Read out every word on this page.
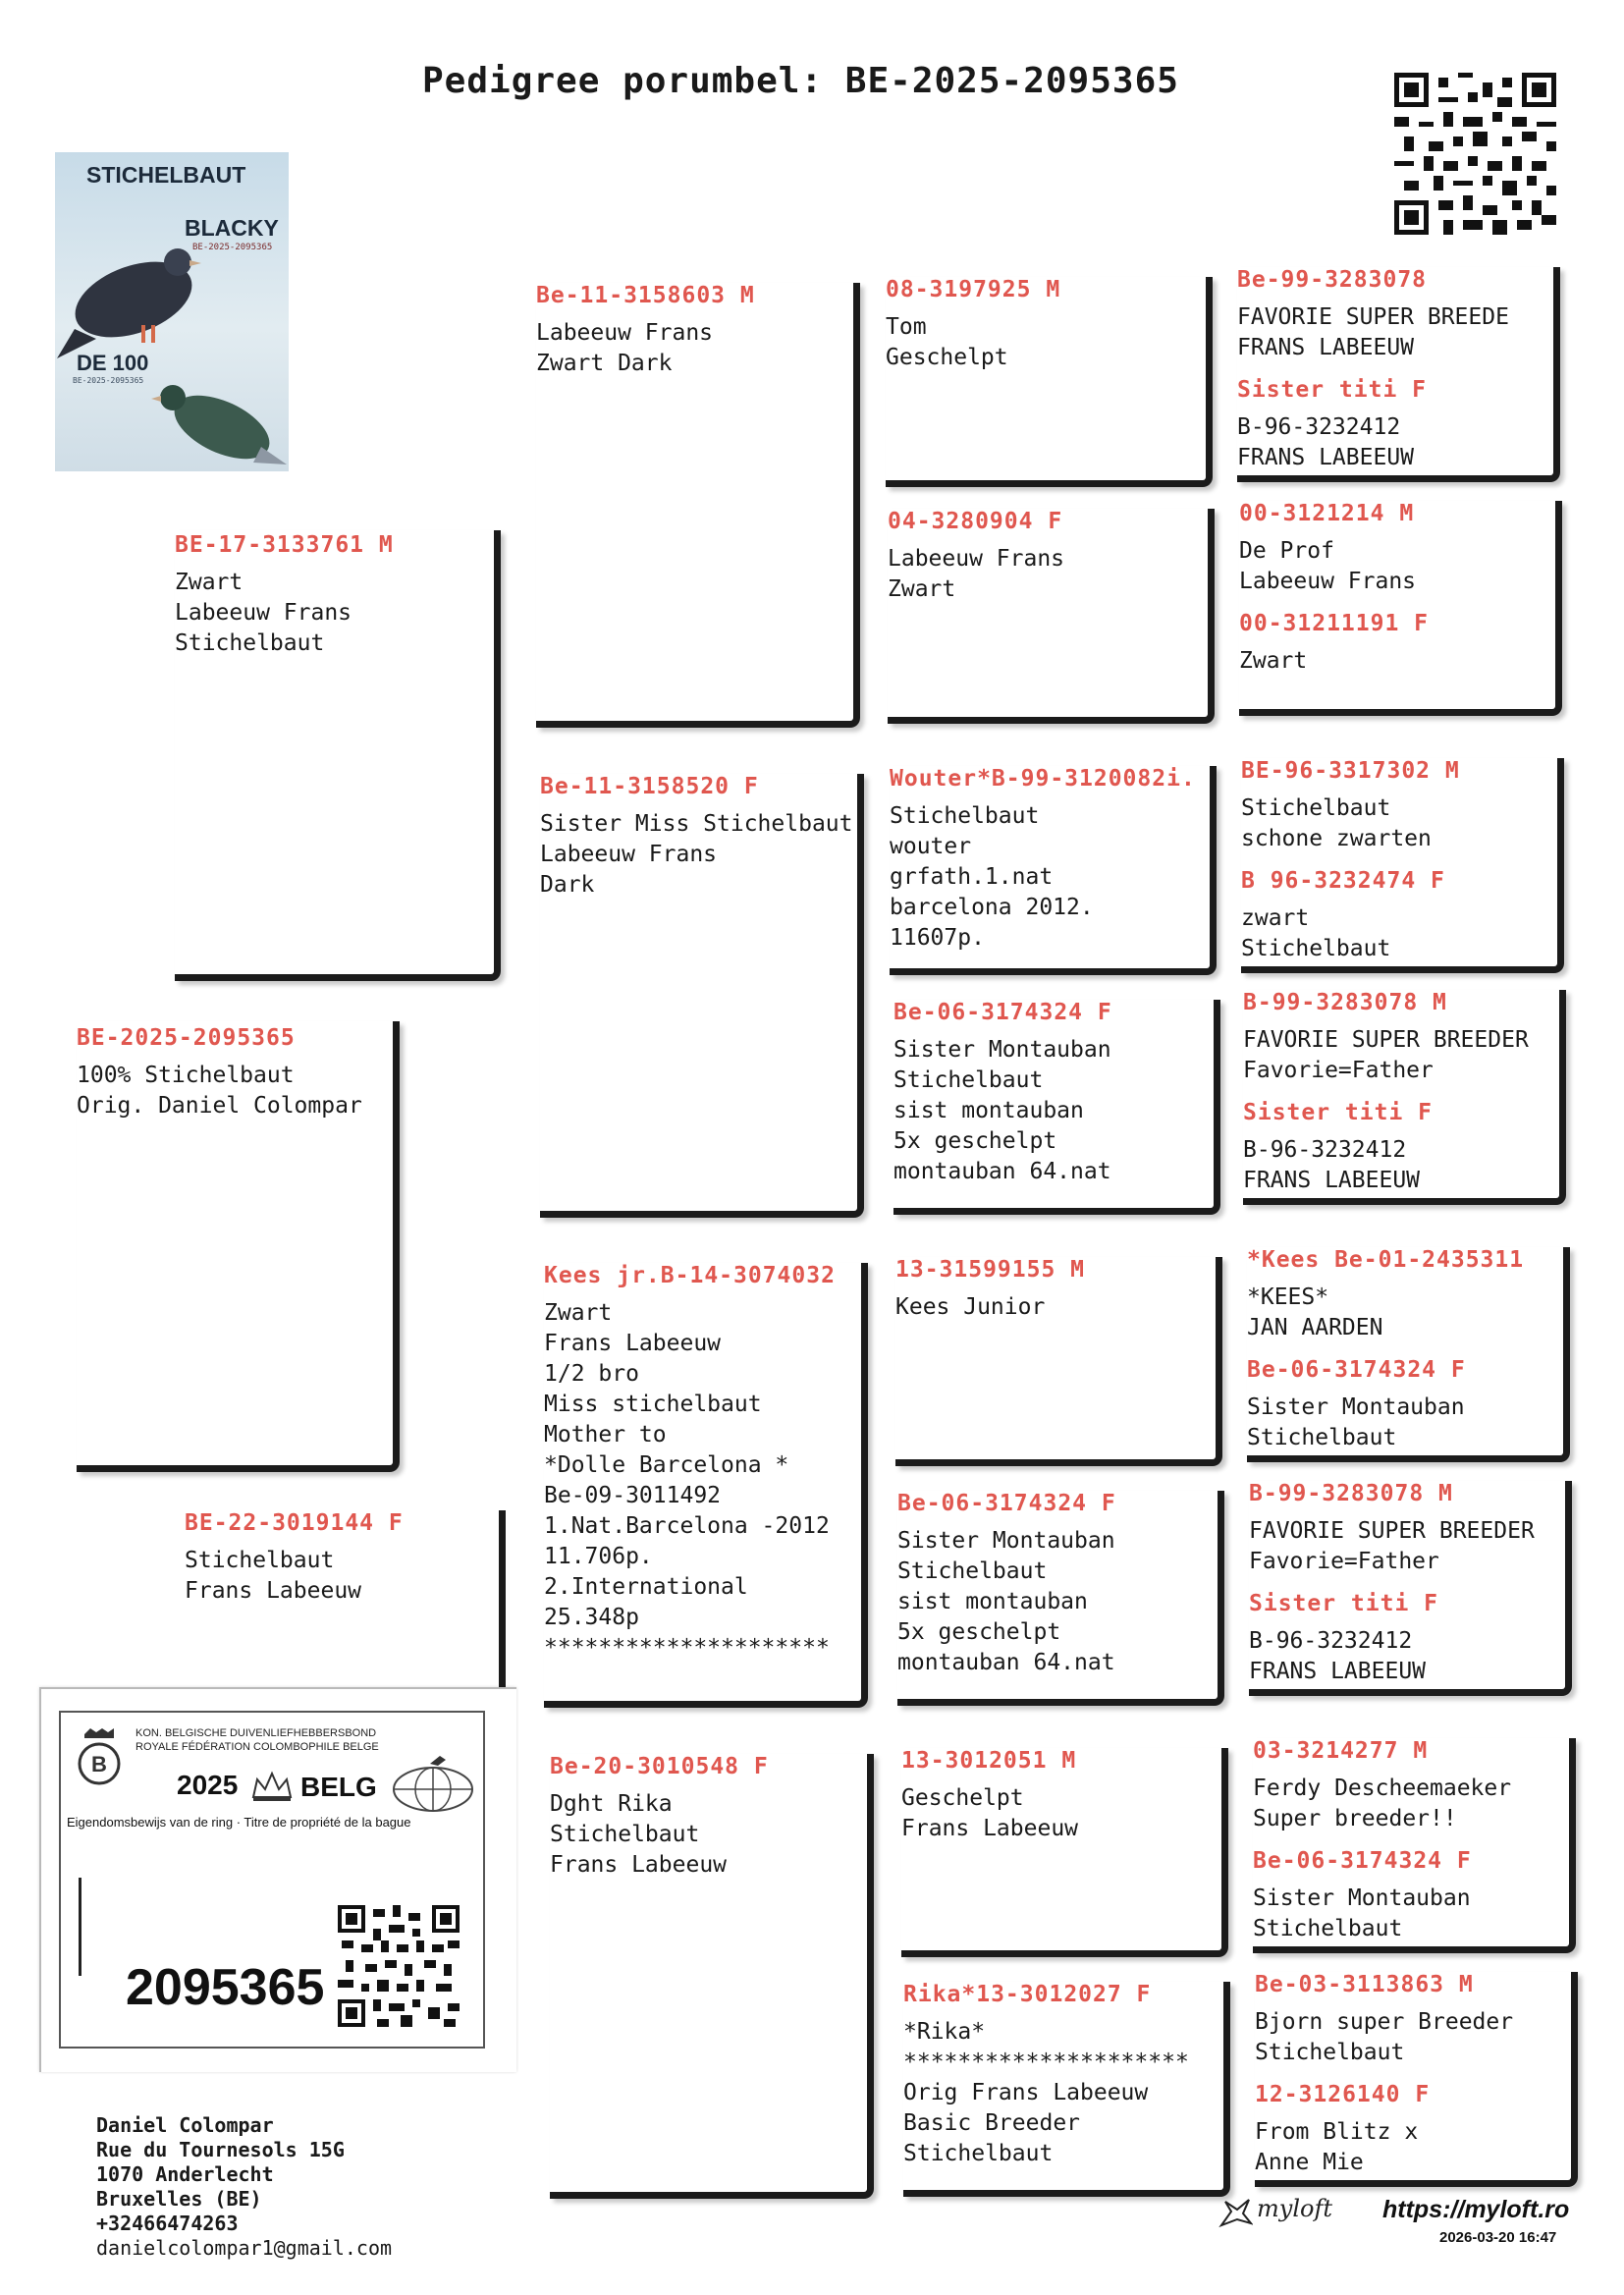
Pedigree porumbel: BE-2025-2095365
STICHELBAUT
BLACKY
BE-2025-2095365
DE 100
BE-2025-2095365
BE-2025-2095365
100% Stichelbaut
Orig. Daniel Colompar
BE-17-3133761 M
Zwart
Labeeuw Frans
Stichelbaut
BE-22-3019144 F
Stichelbaut
Frans Labeeuw
Be-11-3158603 M
Labeeuw Frans
Zwart Dark
Be-11-3158520 F
Sister Miss Stichelbaut
Labeeuw Frans
Dark
Kees jr.B-14-3074032
Zwart
Frans Labeeuw
1/2 bro
Miss stichelbaut
Mother to
*Dolle Barcelona *
Be-09-3011492
1.Nat.Barcelona -2012
11.706p.
2.International
25.348p
*********************
Be-20-3010548 F
Dght Rika
Stichelbaut
Frans Labeeuw
08-3197925 M
Tom
Geschelpt
04-3280904 F
Labeeuw Frans
Zwart
Wouter*B-99-3120082i.
Stichelbaut
wouter
grfath.1.nat
barcelona 2012.
11607p.
Be-06-3174324 F
Sister Montauban
Stichelbaut
sist montauban
5x geschelpt
montauban 64.nat
13-31599155 M
Kees Junior
Be-06-3174324 F
Sister Montauban
Stichelbaut
sist montauban
5x geschelpt
montauban 64.nat
13-3012051 M
Geschelpt
Frans Labeeuw
Rika*13-3012027 F
*Rika*
*********************
Orig Frans Labeeuw
Basic Breeder
Stichelbaut
Be-99-3283078
FAVORIE SUPER BREEDE
FRANS LABEEUW
Sister titi F
B-96-3232412
FRANS LABEEUW
00-3121214 M
De Prof
Labeeuw Frans
00-31211191 F
Zwart
BE-96-3317302 M
Stichelbaut
schone zwarten
B 96-3232474 F
zwart
Stichelbaut
B-99-3283078 M
FAVORIE SUPER BREEDER
Favorie=Father
Sister titi F
B-96-3232412
FRANS LABEEUW
*Kees Be-01-2435311
*KEES*
JAN AARDEN
Be-06-3174324 F
Sister Montauban
Stichelbaut
B-99-3283078 M
FAVORIE SUPER BREEDER
Favorie=Father
Sister titi F
B-96-3232412
FRANS LABEEUW
03-3214277 M
Ferdy Descheemaeker
Super breeder!!
Be-06-3174324 F
Sister Montauban
Stichelbaut
Be-03-3113863 M
Bjorn super Breeder
Stichelbaut
12-3126140 F
From Blitz x
Anne Mie
B
KON. BELGISCHE DUIVENLIEFHEBBERSBOND
ROYALE FÉDÉRATION COLOMBOPHILE BELGE
2025 BELG
Eigendomsbewijs van de ring · Titre de propriété de la bague
2095365
Daniel Colompar
Rue du Tournesols 15G
1070 Anderlecht
Bruxelles (BE)
+32466474263
danielcolompar1@gmail.com
myloft https://myloft.ro
2026-03-20 16:47
